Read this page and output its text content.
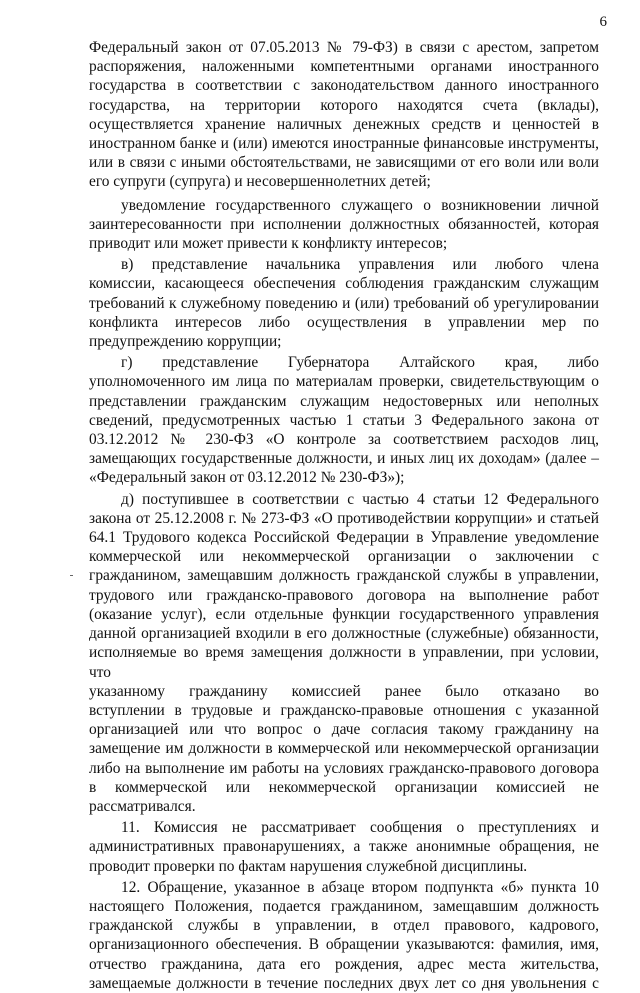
6
Федеральный закон от 07.05.2013 № 79-ФЗ) в связи с арестом, запретом
распоряжения, наложенными компетентными органами иностранного
государства в соответствии с законодательством данного иностранного
государства, на территории которого находятся счета (вклады),
осуществляется хранение наличных денежных средств и ценностей в
иностранном банке и (или) имеются иностранные финансовые инструменты,
или в связи с иными обстоятельствами, не зависящими от его воли или воли
его супруги (супруга) и несовершеннолетних детей;
уведомление государственного служащего о возникновении личной
заинтересованности при исполнении должностных обязанностей, которая
приводит или может привести к конфликту интересов;
в) представление начальника управления или любого члена
комиссии, касающееся обеспечения соблюдения гражданским служащим
требований к служебному поведению и (или) требований об урегулировании
конфликта интересов либо осуществления в управлении мер по
предупреждению коррупции;
г) представление Губернатора Алтайского края, либо
уполномоченного им лица по материалам проверки, свидетельствующим о
представлении гражданским служащим недостоверных или неполных
сведений, предусмотренных частью 1 статьи 3 Федерального закона от
03.12.2012 № 230-ФЗ «О контроле за соответствием расходов лиц,
замещающих государственные должности, и иных лиц их доходам» (далее –
«Федеральный закон от 03.12.2012 № 230-ФЗ»);
д) поступившее в соответствии с частью 4 статьи 12 Федерального
закона от 25.12.2008 г. № 273-ФЗ «О противодействии коррупции» и статьей
64.1 Трудового кодекса Российской Федерации в Управление уведомление
коммерческой или некоммерческой организации о заключении с
гражданином, замещавшим должность гражданской службы в управлении,
трудового или гражданско-правового договора на выполнение работ
(оказание услуг), если отдельные функции государственного управления
данной организацией входили в его должностные (служебные) обязанности,
исполняемые во время замещения должности в управлении, при условии, что
указанному гражданину комиссией ранее было отказано во
вступлении в трудовые и гражданско-правовые отношения с указанной
организацией или что вопрос о даче согласия такому гражданину на
замещение им должности в коммерческой или некоммерческой организации
либо на выполнение им работы на условиях гражданско-правового договора
в коммерческой или некоммерческой организации комиссией не
рассматривался.
11. Комиссия не рассматривает сообщения о преступлениях и
административных правонарушениях, а также анонимные обращения, не
проводит проверки по фактам нарушения служебной дисциплины.
12. Обращение, указанное в абзаце втором подпункта «б» пункта 10
настоящего Положения, подается гражданином, замещавшим должность
гражданской службы в управлении, в отдел правового, кадрового,
организационного обеспечения. В обращении указываются: фамилия, имя,
отчество гражданина, дата его рождения, адрес места жительства,
замещаемые должности в течение последних двух лет со дня увольнения с
